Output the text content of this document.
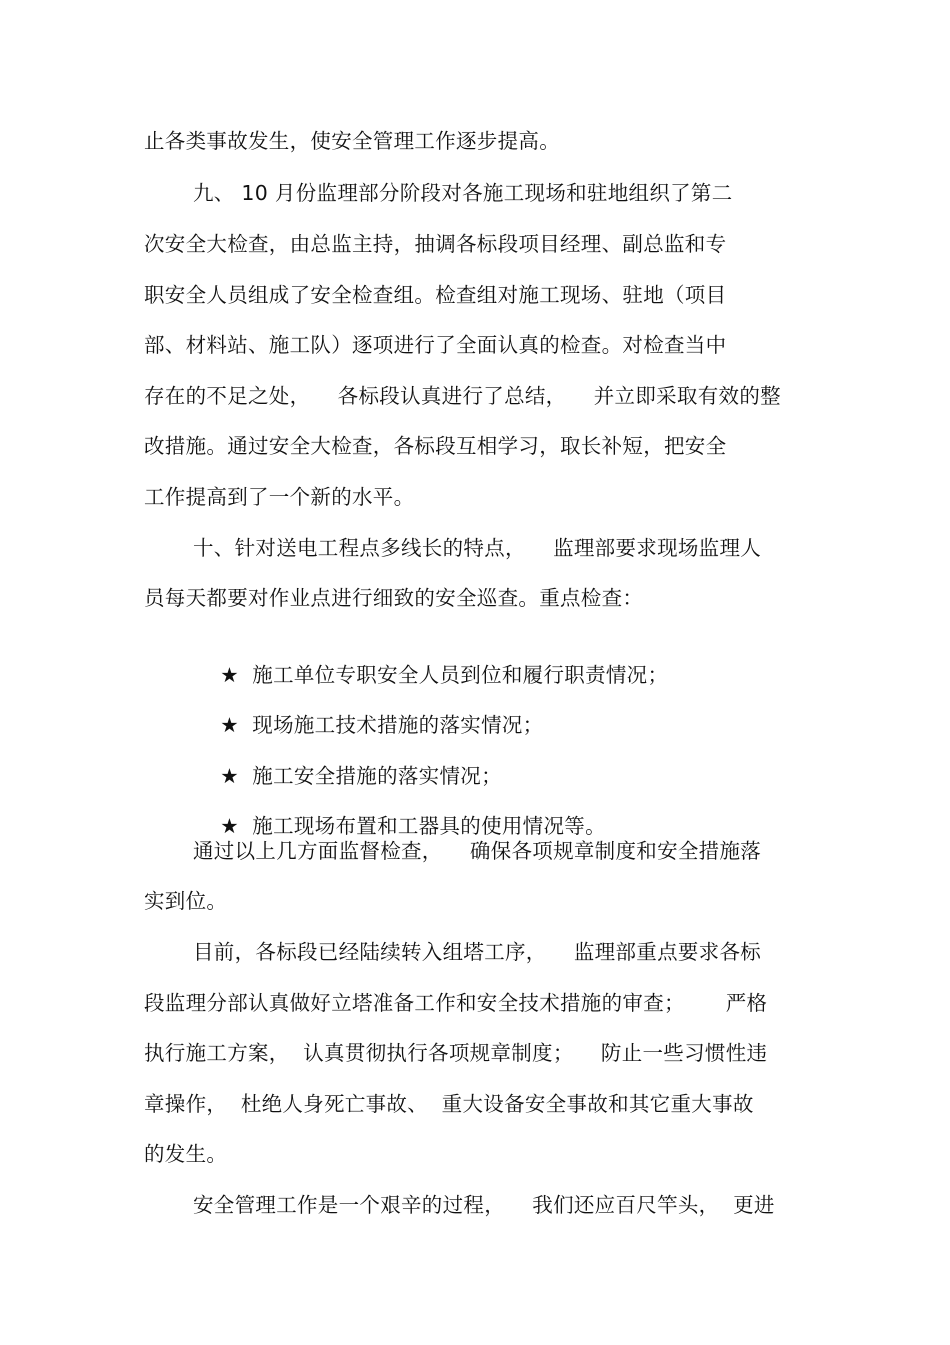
止各类事故发生，使安全管理工作逐步提高。
九、 10 月份监理部分阶段对各施工现场和驻地组织了第二
次安全大检查，由总监主持，抽调各标段项目经理、副总监和专
职安全人员组成了安全检查组。检查组对施工现场、驻地（项目
部、材料站、施工队）逐项进行了全面认真的检查。对检查当中
存在的不足之处，    各标段认真进行了总结，    并立即采取有效的整
改措施。通过安全大检查，各标段互相学习，取长补短，把安全
工作提高到了一个新的水平。
十、针对送电工程点多线长的特点，    监理部要求现场监理人
员每天都要对作业点进行细致的安全巡查。重点检查：

★ 施工单位专职安全人员到位和履行职责情况；

★ 现场施工技术措施的落实情况；

★ 施工安全措施的落实情况；

★ 施工现场布置和工器具的使用情况等。

通过以上几方面监督检查，    确保各项规章制度和安全措施落
实到位。
目前，各标段已经陆续转入组塔工序，    监理部重点要求各标
段监理分部认真做好立塔准备工作和安全技术措施的审查；      严格
执行施工方案，  认真贯彻执行各项规章制度；    防止一些习惯性违
章操作，  杜绝人身死亡事故、  重大设备安全事故和其它重大事故
的发生。
安全管理工作是一个艰辛的过程，    我们还应百尺竿头，  更进
